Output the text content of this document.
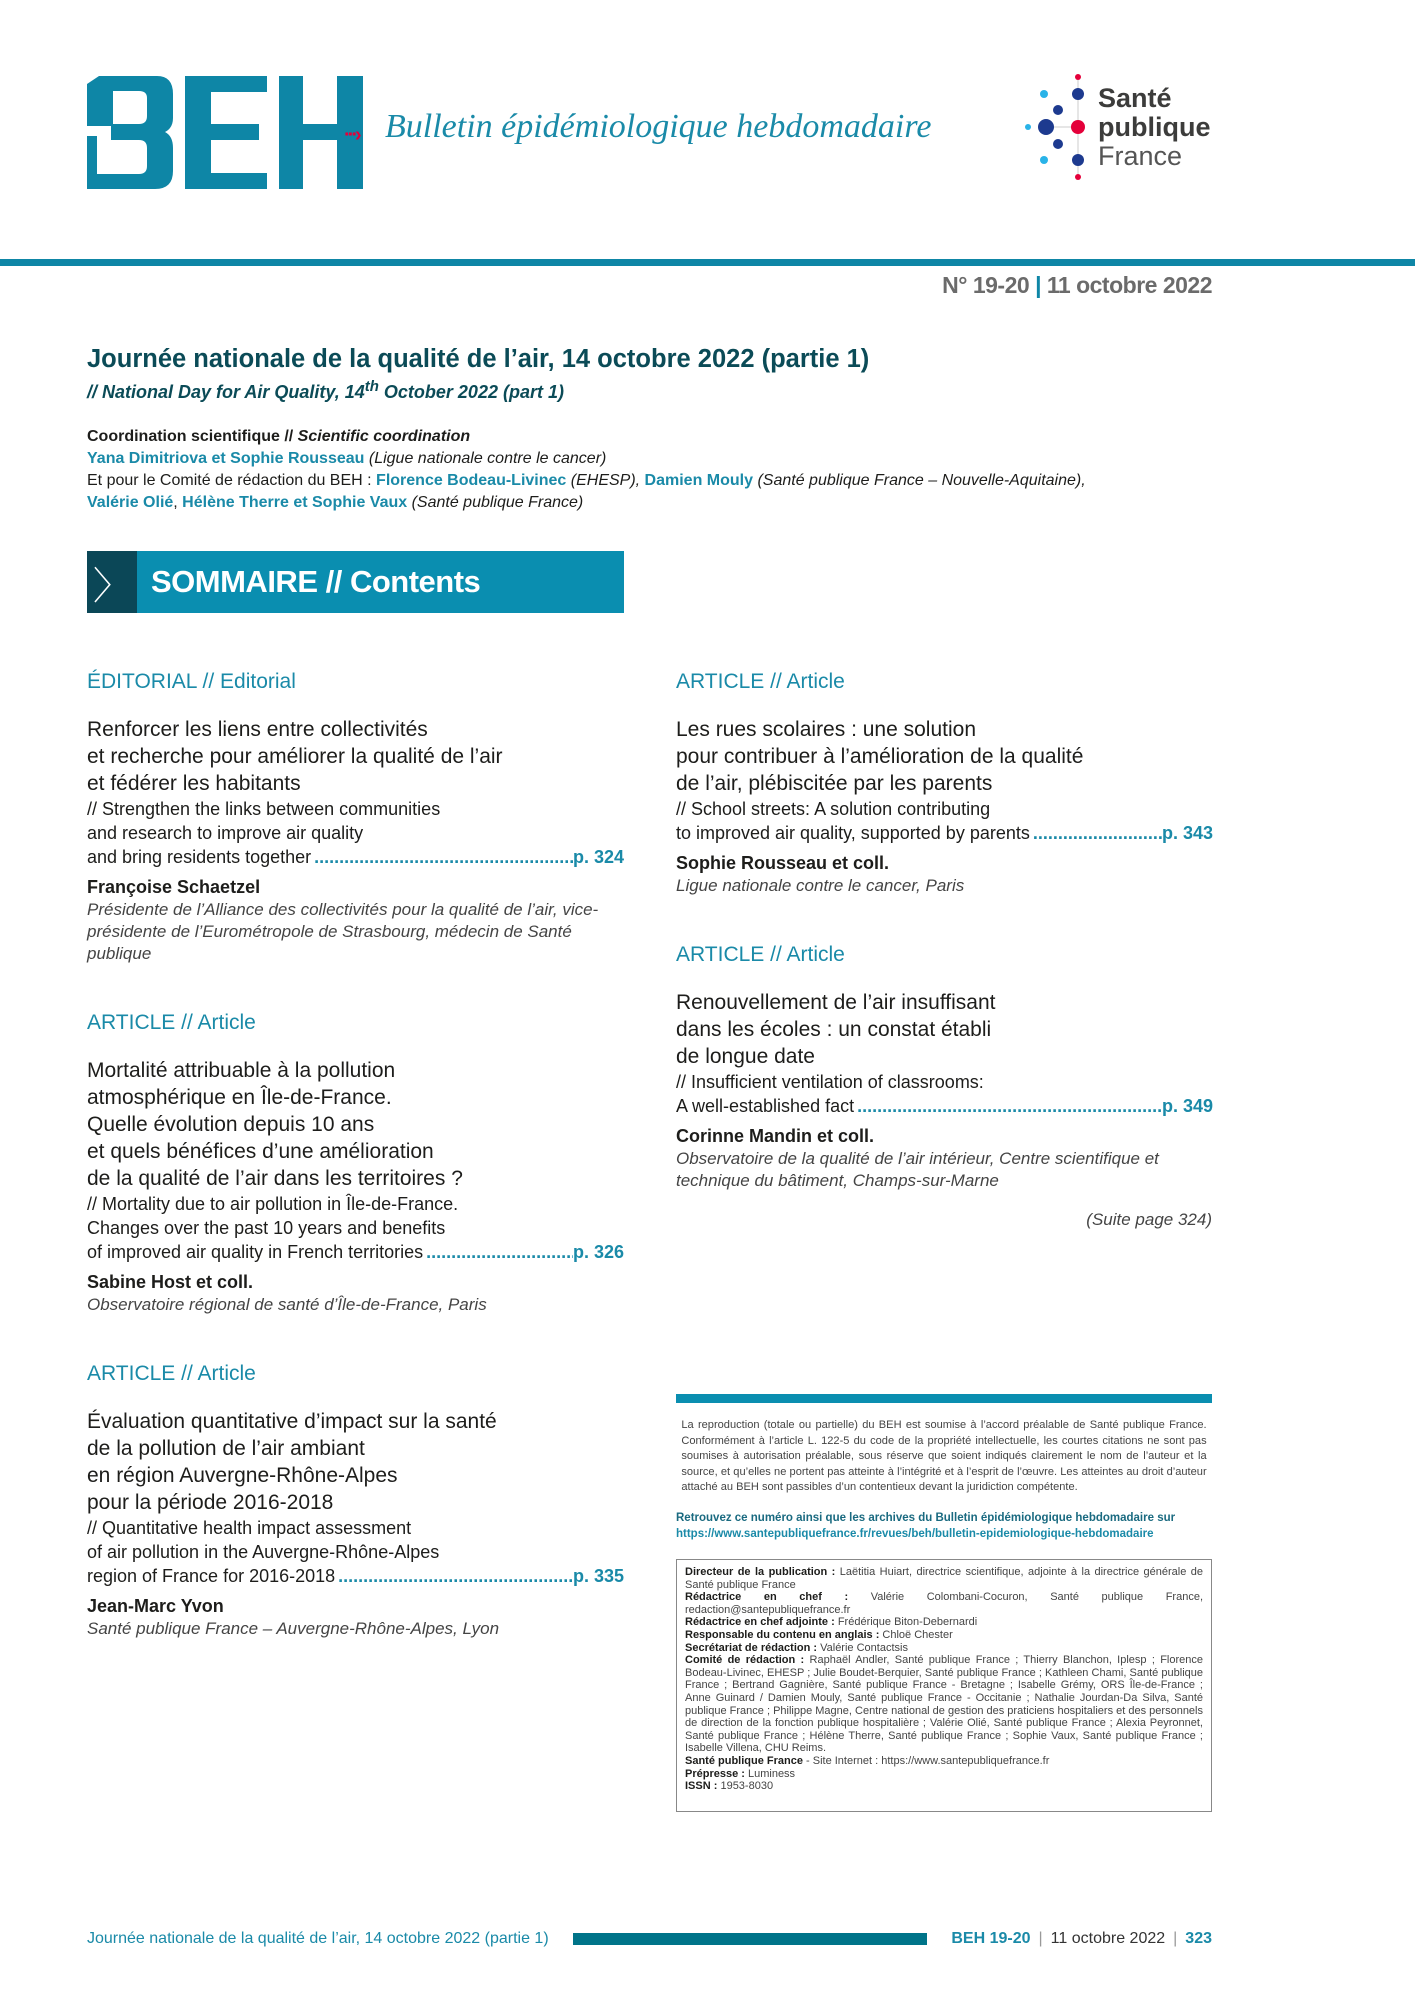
···› Bulletin épidémiologique hebdomadaire
Santé
publique
France
N° 19-20 | 11 octobre 2022
Journée nationale de la qualité de l’air, 14 octobre 2022 (partie 1)
// National Day for Air Quality, 14th October 2022 (part 1)
Coordination scientifique // Scientific coordination
Yana Dimitriova et Sophie Rousseau (Ligue nationale contre le cancer)
Et pour le Comité de rédaction du BEH : Florence Bodeau-Livinec (EHESP), Damien Mouly (Santé publique France – Nouvelle-Aquitaine),
Valérie Olié, Hélène Therre et Sophie Vaux (Santé publique France)
〉 SOMMAIRE // Contents
ÉDITORIAL // Editorial
Renforcer les liens entre collectivités
et recherche pour améliorer la qualité de l’air
et fédérer les habitants
// Strengthen the links between communities
and research to improve air quality
and bring residents together .....	p. 324
Françoise Schaetzel
Présidente de l’Alliance des collectivités pour la qualité de l’air, vice-présidente de l’Eurométropole de Strasbourg, médecin de Santé publique
ARTICLE // Article
Mortalité attribuable à la pollution
atmosphérique en Île-de-France.
Quelle évolution depuis 10 ans
et quels bénéfices d’une amélioration
de la qualité de l’air dans les territoires ?
// Mortality due to air pollution in Île-de-France.
Changes over the past 10 years and benefits
of improved air quality in French territories .....	p. 326
Sabine Host et coll.
Observatoire régional de santé d’Île-de-France, Paris
ARTICLE // Article
Évaluation quantitative d’impact sur la santé
de la pollution de l’air ambiant
en région Auvergne-Rhône-Alpes
pour la période 2016-2018
// Quantitative health impact assessment
of air pollution in the Auvergne-Rhône-Alpes
region of France for 2016-2018 .....	p. 335
Jean-Marc Yvon
Santé publique France – Auvergne-Rhône-Alpes, Lyon
ARTICLE // Article
Les rues scolaires : une solution
pour contribuer à l’amélioration de la qualité
de l’air, plébiscitée par les parents
// School streets: A solution contributing
to improved air quality, supported by parents .....	p. 343
Sophie Rousseau et coll.
Ligue nationale contre le cancer, Paris
ARTICLE // Article
Renouvellement de l’air insuffisant
dans les écoles : un constat établi
de longue date
// Insufficient ventilation of classrooms:
A well-established fact .....	p. 349
Corinne Mandin et coll.
Observatoire de la qualité de l’air intérieur, Centre scientifique et technique du bâtiment, Champs-sur-Marne
(Suite page 324)
La reproduction (totale ou partielle) du BEH est soumise à l’accord préalable de Santé publique France. Conformément à l’article L. 122-5 du code de la propriété intellectuelle, les courtes citations ne sont pas soumises à autorisation préalable, sous réserve que soient indiqués clairement le nom de l’auteur et la source, et qu’elles ne portent pas atteinte à l’intégrité et à l’esprit de l’œuvre. Les atteintes au droit d’auteur attaché au BEH sont passibles d’un contentieux devant la juridiction compétente.
Retrouvez ce numéro ainsi que les archives du Bulletin épidémiologique hebdomadaire sur
https://www.santepubliquefrance.fr/revues/beh/bulletin-epidemiologique-hebdomadaire
Directeur de la publication : Laëtitia Huiart, directrice scientifique, adjointe à la directrice générale de Santé publique France
Rédactrice en chef : Valérie Colombani-Cocuron, Santé publique France, redaction@santepubliquefrance.fr
Rédactrice en chef adjointe : Frédérique Biton-Debernardi
Responsable du contenu en anglais : Chloë Chester
Secrétariat de rédaction : Valérie Contactsis
Comité de rédaction : Raphaël Andler, Santé publique France ; Thierry Blanchon, Iplesp ; Florence Bodeau-Livinec, EHESP ; Julie Boudet-Berquier, Santé publique France ; Kathleen Chami, Santé publique France ; Bertrand Gagnière, Santé publique France - Bretagne ; Isabelle Grémy, ORS Île-de-France ; Anne Guinard / Damien Mouly, Santé publique France - Occitanie ; Nathalie Jourdan-Da Silva, Santé publique France ; Philippe Magne, Centre national de gestion des praticiens hospitaliers et des personnels de direction de la fonction publique hospitalière ; Valérie Olié, Santé publique France ; Alexia Peyronnet, Santé publique France ; Hélène Therre, Santé publique France ; Sophie Vaux, Santé publique France ; Isabelle Villena, CHU Reims.
Santé publique France - Site Internet : https://www.santepubliquefrance.fr
Prépresse : Luminess
ISSN : 1953-8030
Journée nationale de la qualité de l’air, 14 octobre 2022 (partie 1)	BEH 19-20 | 11 octobre 2022 | 323
